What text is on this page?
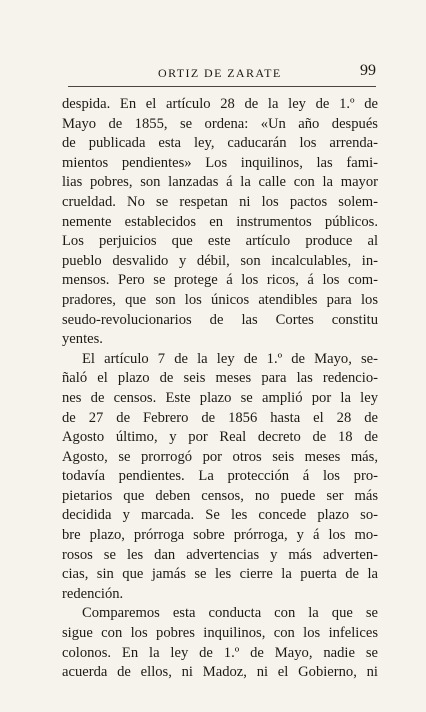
ORTIZ DE ZARATE	99
despida. En el artículo 28 de la ley de 1.º de
Mayo de 1855, se ordena: «Un año después
de publicada esta ley, caducarán los arrenda-
mientos pendientes» Los inquilinos, las fami-
lias pobres, son lanzadas á la calle con la mayor
crueldad. No se respetan ni los pactos solem-
nemente establecidos en instrumentos públicos.
Los perjuicios que este artículo produce al
pueblo desvalido y débil, son incalculables, in-
mensos. Pero se protege á los ricos, á los com-
pradores, que son los únicos atendibles para los
seudo-revolucionarios de las Cortes constitu
yentes.
El artículo 7 de la ley de 1.º de Mayo, se-
ñaló el plazo de seis meses para las redencio-
nes de censos. Este plazo se amplió por la ley
de 27 de Febrero de 1856 hasta el 28 de
Agosto último, y por Real decreto de 18 de
Agosto, se prorrogó por otros seis meses más,
todavía pendientes. La protección á los pro-
pietarios que deben censos, no puede ser más
decidida y marcada. Se les concede plazo so-
bre plazo, prórroga sobre prórroga, y á los mo-
rosos se les dan advertencias y más adverten-
cias, sin que jamás se les cierre la puerta de la
redención.
Comparemos esta conducta con la que se
sigue con los pobres inquilinos, con los infelices
colonos. En la ley de 1.º de Mayo, nadie se
acuerda de ellos, ni Madoz, ni el Gobierno, ni
